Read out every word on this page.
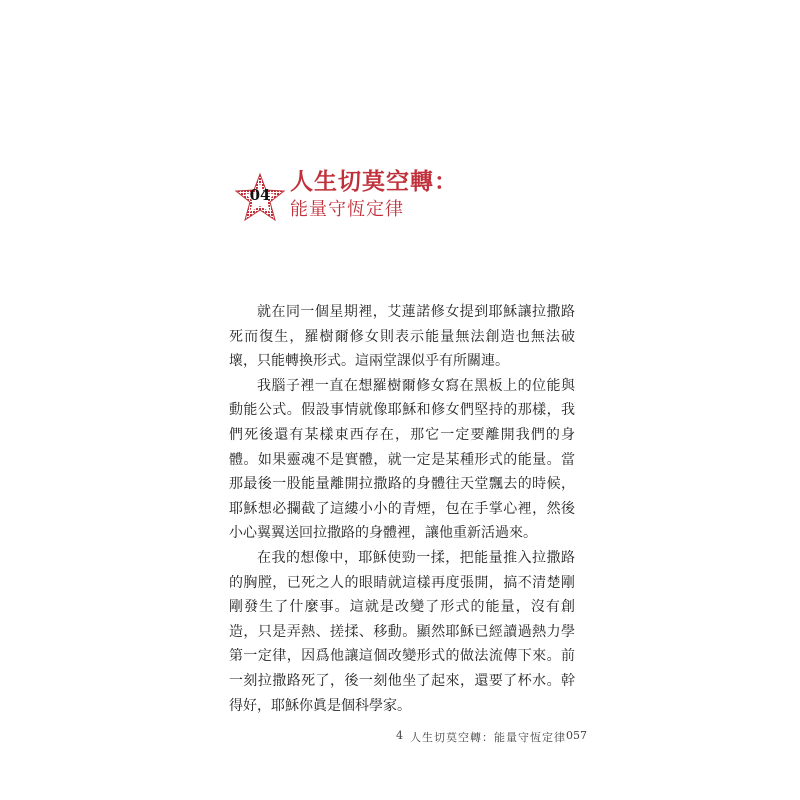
04 人生切莫空轉：
能量守恆定律

就在同一個星期裡，艾蓮諾修女提到耶穌讓拉撒路死而復生，羅樹爾修女則表示能量無法創造也無法破壞，只能轉換形式。這兩堂課似乎有所關連。

我腦子裡一直在想羅樹爾修女寫在黑板上的位能與動能公式。假設事情就像耶穌和修女們堅持的那樣，我們死後還有某樣東西存在，那它一定要離開我們的身體。如果靈魂不是實體，就一定是某種形式的能量。當那最後一股能量離開拉撒路的身體往天堂飄去的時候，耶穌想必攔截了這縷小小的青煙，包在手掌心裡，然後小心翼翼送回拉撒路的身體裡，讓他重新活過來。

在我的想像中，耶穌使勁一揉，把能量推入拉撒路的胸膛，已死之人的眼睛就這樣再度張開，搞不清楚剛剛發生了什麼事。這就是改變了形式的能量，沒有創造，只是弄熱、搓揉、移動。顯然耶穌已經讀過熱力學第一定律，因爲他讓這個改變形式的做法流傳下來。前一刻拉撒路死了，後一刻他坐了起來，還要了杯水。幹得好，耶穌你眞是個科學家。

4 人生切莫空轉：能量守恆定律 057
